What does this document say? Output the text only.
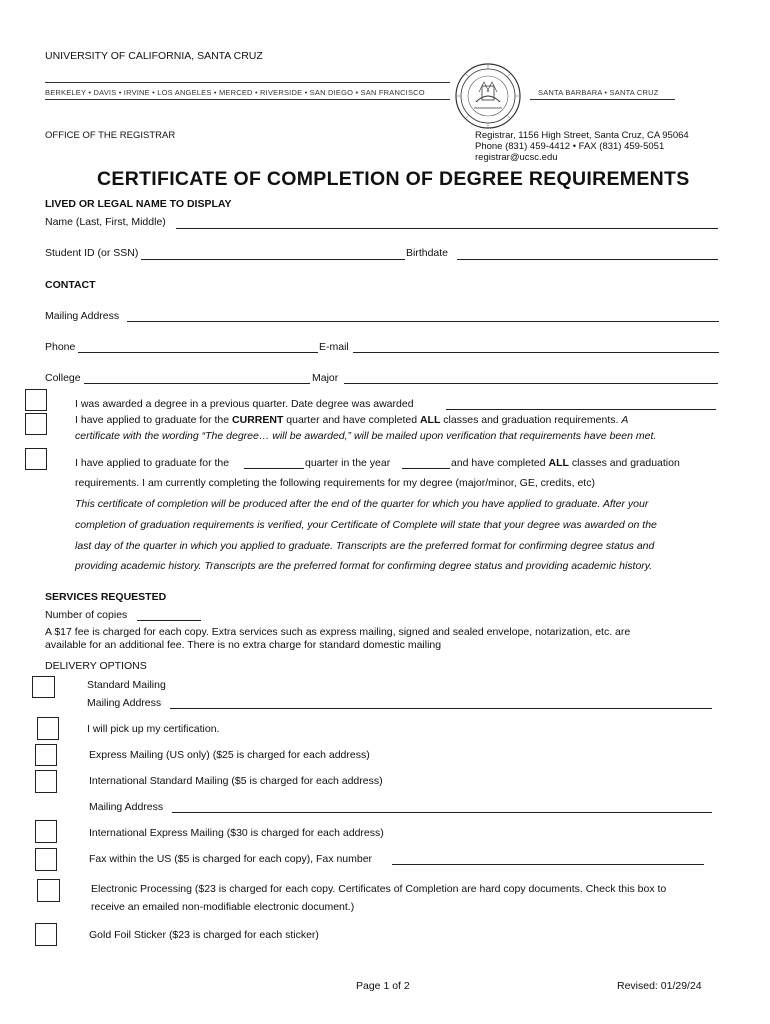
UNIVERSITY OF CALIFORNIA, SANTA CRUZ
BERKELEY • DAVIS • IRVINE • LOS ANGELES • MERCED • RIVERSIDE • SAN DIEGO • SAN FRANCISCO	SANTA BARBARA • SANTA CRUZ
OFFICE OF THE REGISTRAR	Registrar, 1156 High Street, Santa Cruz, CA 95064
Phone (831) 459-4412 • FAX (831) 459-5051
registrar@ucsc.edu
CERTIFICATE OF COMPLETION OF DEGREE REQUIREMENTS
LIVED OR LEGAL NAME TO DISPLAY
Name (Last, First, Middle)
Student ID (or SSN)	Birthdate
CONTACT
Mailing Address
Phone	E-mail
College	Major
I was awarded a degree in a previous quarter. Date degree was awarded
I have applied to graduate for the CURRENT quarter and have completed ALL classes and graduation requirements. A
certificate with the wording “The degree… will be awarded,” will be mailed upon verification that requirements have been met.
I have applied to graduate for the	quarter in the year	and have completed ALL classes and graduation
requirements. I am currently completing the following requirements for my degree (major/minor, GE, credits, etc)
This certificate of completion will be produced after the end of the quarter for which you have applied to graduate. After your
completion of graduation requirements is verified, your Certificate of Complete will state that your degree was awarded on the
last day of the quarter in which you applied to graduate. Transcripts are the preferred format for confirming degree status and
providing academic history. Transcripts are the preferred format for confirming degree status and providing academic history.
SERVICES REQUESTED
Number of copies
A $17 fee is charged for each copy. Extra services such as express mailing, signed and sealed envelope, notarization, etc. are
available for an additional fee. There is no extra charge for standard domestic mailing
DELIVERY OPTIONS
Standard Mailing
Mailing Address
I will pick up my certification.
Express Mailing (US only) ($25 is charged for each address)
International Standard Mailing ($5 is charged for each address)
Mailing Address
International Express Mailing ($30 is charged for each address)
Fax within the US ($5 is charged for each copy), Fax number
Electronic Processing ($23 is charged for each copy. Certificates of Completion are hard copy documents. Check this box to
receive an emailed non-modifiable electronic document.)
Gold Foil Sticker ($23 is charged for each sticker)
Page 1 of 2	Revised: 01/29/24
